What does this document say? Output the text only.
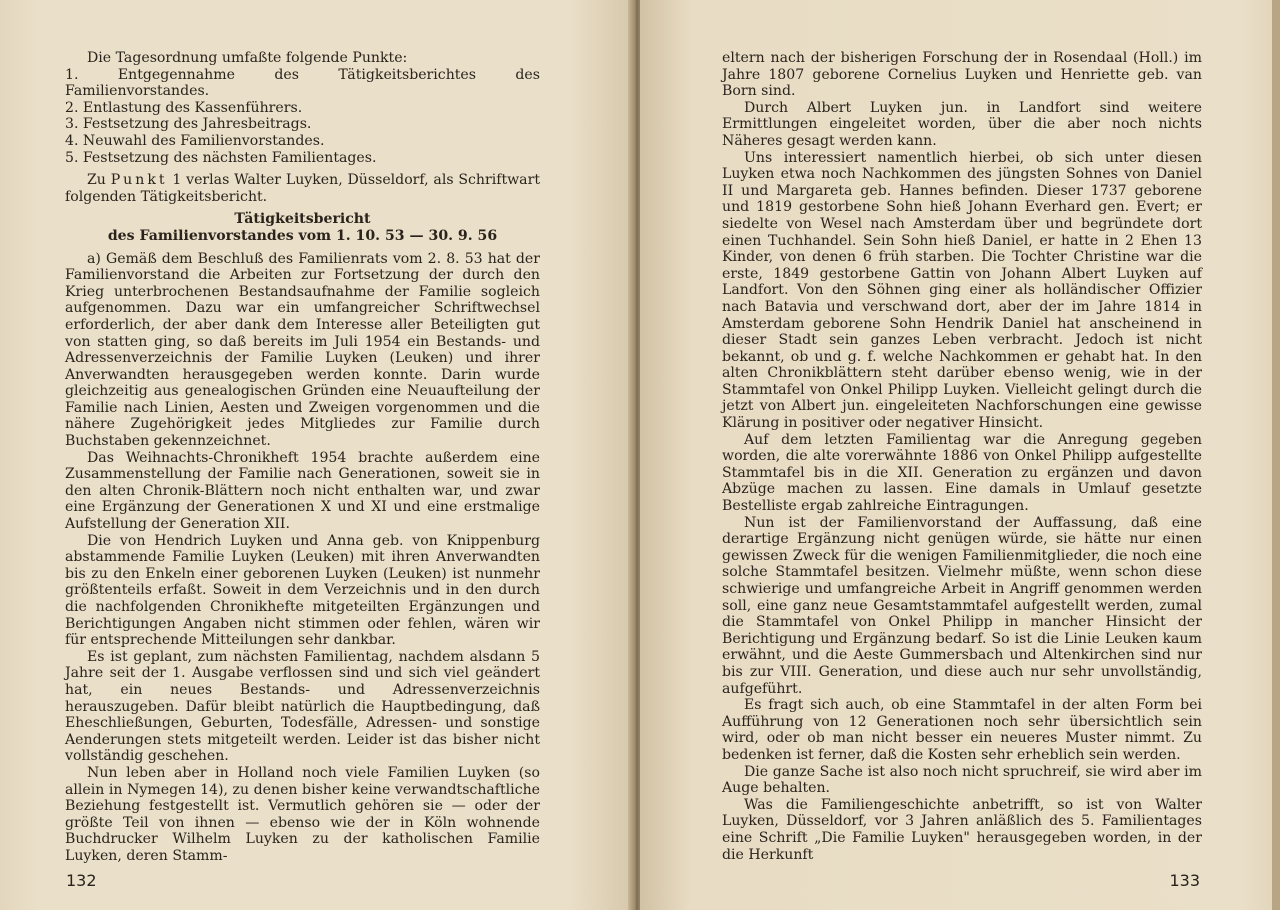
Die Tagesordnung umfaßte folgende Punkte:

1. Entgegennahme des Tätigkeitsberichtes des Familienvorstandes.
2. Entlastung des Kassenführers.
3. Festsetzung des Jahresbeitrags.
4. Neuwahl des Familienvorstandes.
5. Festsetzung des nächsten Familientages.

Zu Punkt 1 verlas Walter Luyken, Düsseldorf, als Schriftwart folgenden Tätigkeitsbericht.

Tätigkeitsbericht

des Familienvorstandes vom 1. 10. 53 — 30. 9. 56

a) Gemäß dem Beschluß des Familienrats vom 2. 8. 53 hat der Familienvorstand die Arbeiten zur Fortsetzung der durch den Krieg unterbrochenen Bestandsaufnahme der Familie sogleich aufgenommen. Dazu war ein umfangreicher Schriftwechsel erforderlich, der aber dank dem Interesse aller Beteiligten gut von statten ging, so daß bereits im Juli 1954 ein Bestands- und Adressenverzeichnis der Familie Luyken (Leuken) und ihrer Anverwandten herausgegeben werden konnte. Darin wurde gleichzeitig aus genealogischen Gründen eine Neuaufteilung der Familie nach Linien, Aesten und Zweigen vorgenommen und die nähere Zugehörigkeit jedes Mitgliedes zur Familie durch Buchstaben gekennzeichnet.

Das Weihnachts-Chronikheft 1954 brachte außerdem eine Zusammenstellung der Familie nach Generationen, soweit sie in den alten Chronik-Blättern noch nicht enthalten war, und zwar eine Ergänzung der Generationen X und XI und eine erstmalige Aufstellung der Generation XII.

Die von Hendrich Luyken und Anna geb. von Knippenburg abstammende Familie Luyken (Leuken) mit ihren Anverwandten bis zu den Enkeln einer geborenen Luyken (Leuken) ist nunmehr größtenteils erfaßt. Soweit in dem Verzeichnis und in den durch die nachfolgenden Chronikhefte mitgeteilten Ergänzungen und Berichtigungen Angaben nicht stimmen oder fehlen, wären wir für entsprechende Mitteilungen sehr dankbar.

Es ist geplant, zum nächsten Familientag, nachdem alsdann 5 Jahre seit der 1. Ausgabe verflossen sind und sich viel geändert hat, ein neues Bestands- und Adressenverzeichnis herauszugeben. Dafür bleibt natürlich die Hauptbedingung, daß Eheschließungen, Geburten, Todesfälle, Adressen- und sonstige Aenderungen stets mitgeteilt werden. Leider ist das bisher nicht vollständig geschehen.

Nun leben aber in Holland noch viele Familien Luyken (so allein in Nymegen 14), zu denen bisher keine verwandtschaftliche Beziehung festgestellt ist. Vermutlich gehören sie — oder der größte Teil von ihnen — ebenso wie der in Köln wohnende Buchdrucker Wilhelm Luyken zu der katholischen Familie Luyken, deren Stamm-

132

eltern nach der bisherigen Forschung der in Rosendaal (Holl.) im Jahre 1807 geborene Cornelius Luyken und Henriette geb. van Born sind.

Durch Albert Luyken jun. in Landfort sind weitere Ermittlungen eingeleitet worden, über die aber noch nichts Näheres gesagt werden kann.

Uns interessiert namentlich hierbei, ob sich unter diesen Luyken etwa noch Nachkommen des jüngsten Sohnes von Daniel II und Margareta geb. Hannes befinden. Dieser 1737 geborene und 1819 gestorbene Sohn hieß Johann Everhard gen. Evert; er siedelte von Wesel nach Amsterdam über und begründete dort einen Tuchhandel. Sein Sohn hieß Daniel, er hatte in 2 Ehen 13 Kinder, von denen 6 früh starben. Die Tochter Christine war die erste, 1849 gestorbene Gattin von Johann Albert Luyken auf Landfort. Von den Söhnen ging einer als holländischer Offizier nach Batavia und verschwand dort, aber der im Jahre 1814 in Amsterdam geborene Sohn Hendrik Daniel hat anscheinend in dieser Stadt sein ganzes Leben verbracht. Jedoch ist nicht bekannt, ob und g. f. welche Nachkommen er gehabt hat. In den alten Chronikblättern steht darüber ebenso wenig, wie in der Stammtafel von Onkel Philipp Luyken. Vielleicht gelingt durch die jetzt von Albert jun. eingeleiteten Nachforschungen eine gewisse Klärung in positiver oder negativer Hinsicht.

Auf dem letzten Familientag war die Anregung gegeben worden, die alte vorerwähnte 1886 von Onkel Philipp aufgestellte Stammtafel bis in die XII. Generation zu ergänzen und davon Abzüge machen zu lassen. Eine damals in Umlauf gesetzte Bestelliste ergab zahlreiche Eintragungen.

Nun ist der Familienvorstand der Auffassung, daß eine derartige Ergänzung nicht genügen würde, sie hätte nur einen gewissen Zweck für die wenigen Familienmitglieder, die noch eine solche Stammtafel besitzen. Vielmehr müßte, wenn schon diese schwierige und umfangreiche Arbeit in Angriff genommen werden soll, eine ganz neue Gesamtstammtafel aufgestellt werden, zumal die Stammtafel von Onkel Philipp in mancher Hinsicht der Berichtigung und Ergänzung bedarf. So ist die Linie Leuken kaum erwähnt, und die Aeste Gummersbach und Altenkirchen sind nur bis zur VIII. Generation, und diese auch nur sehr unvollständig, aufgeführt.

Es fragt sich auch, ob eine Stammtafel in der alten Form bei Aufführung von 12 Generationen noch sehr übersichtlich sein wird, oder ob man nicht besser ein neueres Muster nimmt. Zu bedenken ist ferner, daß die Kosten sehr erheblich sein werden.

Die ganze Sache ist also noch nicht spruchreif, sie wird aber im Auge behalten.

Was die Familiengeschichte anbetrifft, so ist von Walter Luyken, Düsseldorf, vor 3 Jahren anläßlich des 5. Familientages eine Schrift „Die Familie Luyken" herausgegeben worden, in der die Herkunft

133
